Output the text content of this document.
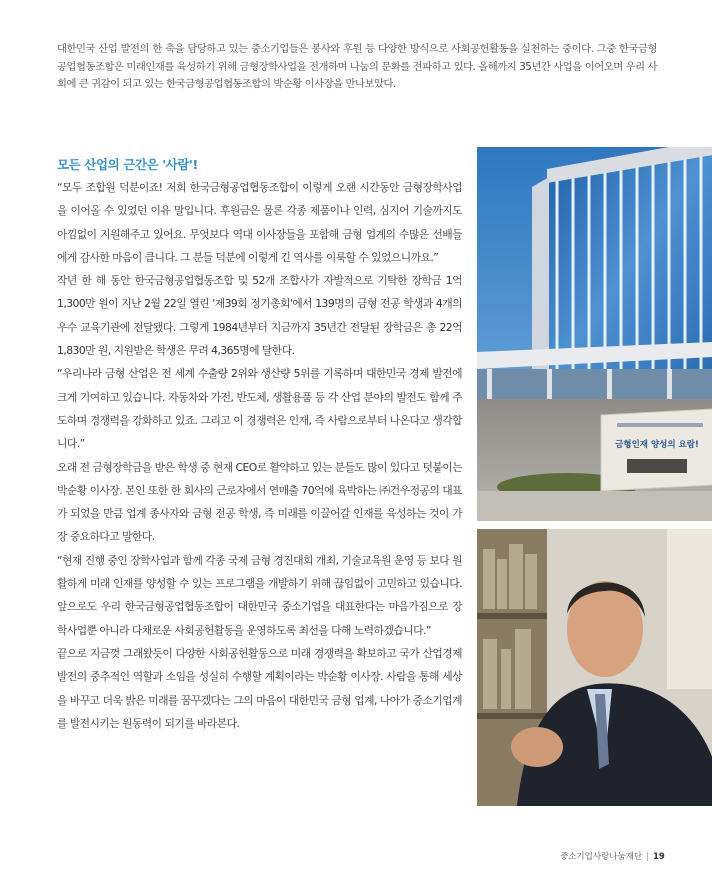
대한민국 산업 발전의 한 축을 담당하고 있는 중소기업들은 봉사와 후원 등 다양한 방식으로 사회공헌활동을 실천하는 중이다. 그중 한국금형공업협동조합은 미래인재를 육성하기 위해 금형장학사업을 전개하며 나눔의 문화를 전파하고 있다. 올해까지 35년간 사업을 이어오며 우리 사회에 큰 귀감이 되고 있는 한국금형공업협동조합의 박순황 이사장을 만나보았다.
모든 산업의 근간은 '사람'!

“모두 조합원 덕분이죠! 저희 한국금형공업협동조합이 이렇게 오랜 시간동안 금형장학사업을 이어올 수 있었던 이유 말입니다. 후원금은 물론 각종 제품이나 인력, 심지어 기술까지도 아낌없이 지원해주고 있어요. 무엇보다 역대 이사장들을 포함해 금형 업계의 수많은 선배들에게 감사한 마음이 큽니다. 그 분들 덕분에 이렇게 긴 역사를 이룩할 수 있었으니까요.”

작년 한 해 동안 한국금형공업협동조합 및 52개 조합사가 자발적으로 기탁한 장학금 1억 1,300만 원이 지난 2월 22일 열린 '제39회 정기총회'에서 139명의 금형 전공 학생과 4개의 우수 교육기관에 전달됐다. 그렇게 1984년부터 지금까지 35년간 전달된 장학금은 총 22억 1,830만 원, 지원받은 학생은 무려 4,365명에 달한다.

“우리나라 금형 산업은 전 세계 수출량 2위와 생산량 5위를 기록하며 대한민국 경제 발전에 크게 기여하고 있습니다. 자동차와 가전, 반도체, 생활용품 등 각 산업 분야의 발전도 함께 주도하며 경쟁력을 강화하고 있죠. 그리고 이 경쟁력은 인재, 즉 사람으로부터 나온다고 생각합니다.”

오래 전 금형장학금을 받은 학생 중 현재 CEO로 활약하고 있는 분들도 많이 있다고 덧붙이는 박순황 이사장. 본인 또한 한 회사의 근로자에서 연매출 70억에 육박하는 ㈜건우정공의 대표가 되었을 만큼 업계 종사자와 금형 전공 학생, 즉 미래를 이끌어갈 인재를 육성하는 것이 가장 중요하다고 말한다.

“현재 진행 중인 장학사업과 함께 각종 국제 금형 경진대회 개최, 기술교육원 운영 등 보다 원활하게 미래 인재를 양성할 수 있는 프로그램을 개발하기 위해 끊임없이 고민하고 있습니다. 앞으로도 우리 한국금형공업협동조합이 대한민국 중소기업을 대표한다는 마음가짐으로 장학사업뿐 아니라 다채로운 사회공헌활동을 운영하도록 최선을 다해 노력하겠습니다.”

끝으로 지금껏 그래왔듯이 다양한 사회공헌활동으로 미래 경쟁력을 확보하고 국가 산업경제 발전의 중추적인 역할과 소임을 성실히 수행할 계획이라는 박순황 이사장. 사람을 통해 세상을 바꾸고 더욱 밝은 미래를 꿈꾸겠다는 그의 마음이 대한민국 금형 업계, 나아가 중소기업계를 발전시키는 원동력이 되기를 바라본다.

금형인재 양성의 요람!
중소기업사랑나눔재단 | 19
